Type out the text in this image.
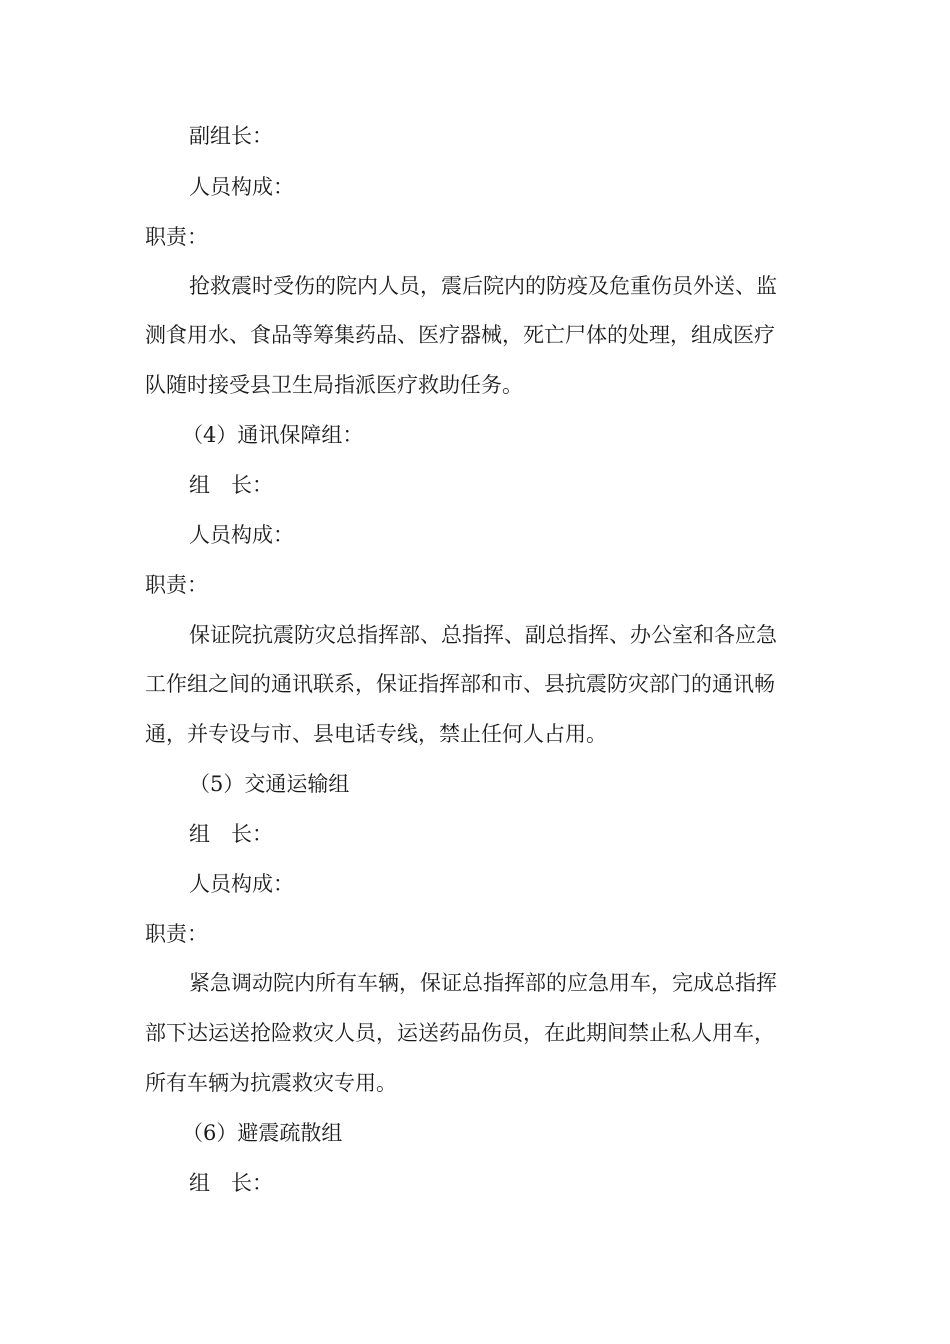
副组长：
人员构成：
职责：
抢救震时受伤的院内人员，震后院内的防疫及危重伤员外送、监
测食用水、食品等筹集药品、医疗器械，死亡尸体的处理，组成医疗
队随时接受县卫生局指派医疗救助任务。
（4）通讯保障组：
组　长：
人员构成：
职责：
保证院抗震防灾总指挥部、总指挥、副总指挥、办公室和各应急
工作组之间的通讯联系，保证指挥部和市、县抗震防灾部门的通讯畅
通，并专设与市、县电话专线，禁止任何人占用。
（5）交通运输组
组　长：
人员构成：
职责：
紧急调动院内所有车辆，保证总指挥部的应急用车，完成总指挥
部下达运送抢险救灾人员，运送药品伤员，在此期间禁止私人用车，
所有车辆为抗震救灾专用。
（6）避震疏散组
组　长：
